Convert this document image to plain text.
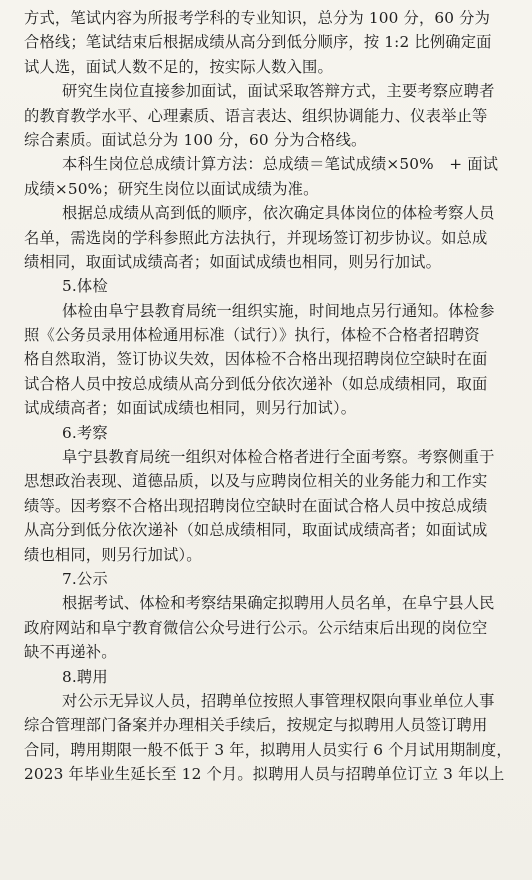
方式，笔试内容为所报考学科的专业知识，总分为 100 分，60 分为
合格线；笔试结束后根据成绩从高分到低分顺序，按 1:2 比例确定面
试人选，面试人数不足的，按实际人数入围。
研究生岗位直接参加面试，面试采取答辩方式，主要考察应聘者
的教育教学水平、心理素质、语言表达、组织协调能力、仪表举止等
综合素质。面试总分为 100 分，60 分为合格线。
本科生岗位总成绩计算方法：总成绩＝笔试成绩×50%　+ 面试
成绩×50%；研究生岗位以面试成绩为准。
根据总成绩从高到低的顺序，依次确定具体岗位的体检考察人员
名单，需选岗的学科参照此方法执行，并现场签订初步协议。如总成
绩相同，取面试成绩高者；如面试成绩也相同，则另行加试。
5.体检
体检由阜宁县教育局统一组织实施，时间地点另行通知。体检参
照《公务员录用体检通用标准（试行）》执行，体检不合格者招聘资
格自然取消，签订协议失效，因体检不合格出现招聘岗位空缺时在面
试合格人员中按总成绩从高分到低分依次递补（如总成绩相同，取面
试成绩高者；如面试成绩也相同，则另行加试）。
6.考察
阜宁县教育局统一组织对体检合格者进行全面考察。考察侧重于
思想政治表现、道德品质，以及与应聘岗位相关的业务能力和工作实
绩等。因考察不合格出现招聘岗位空缺时在面试合格人员中按总成绩
从高分到低分依次递补（如总成绩相同，取面试成绩高者；如面试成
绩也相同，则另行加试）。
7.公示
根据考试、体检和考察结果确定拟聘用人员名单，在阜宁县人民
政府网站和阜宁教育微信公众号进行公示。公示结束后出现的岗位空
缺不再递补。
8.聘用
对公示无异议人员，招聘单位按照人事管理权限向事业单位人事
综合管理部门备案并办理相关手续后，按规定与拟聘用人员签订聘用
合同，聘用期限一般不低于 3 年，拟聘用人员实行 6 个月试用期制度，
2023 年毕业生延长至 12 个月。拟聘用人员与招聘单位订立 3 年以上
